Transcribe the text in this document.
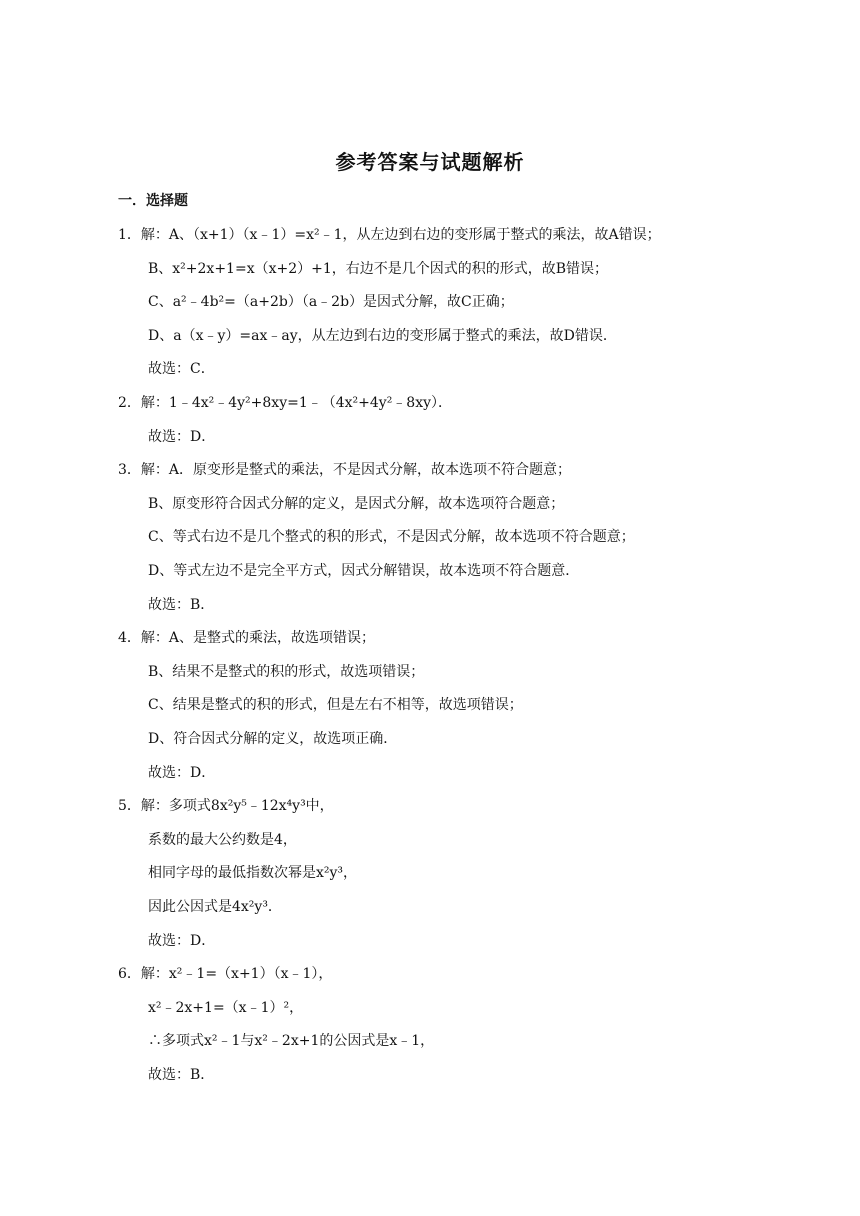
参考答案与试题解析
一．选择题
1．解：A、（x+1）（x﹣1）=x²﹣1，从左边到右边的变形属于整式的乘法，故A错误；
B、x²+2x+1=x（x+2）+1，右边不是几个因式的积的形式，故B错误；
C、a²﹣4b²=（a+2b）（a﹣2b）是因式分解，故C正确；
D、a（x﹣y）=ax﹣ay，从左边到右边的变形属于整式的乘法，故D错误．
故选：C．
2．解：1﹣4x²﹣4y²+8xy=1﹣（4x²+4y²﹣8xy）．
故选：D．
3．解：A．原变形是整式的乘法，不是因式分解，故本选项不符合题意；
B、原变形符合因式分解的定义，是因式分解，故本选项符合题意；
C、等式右边不是几个整式的积的形式，不是因式分解，故本选项不符合题意；
D、等式左边不是完全平方式，因式分解错误，故本选项不符合题意．
故选：B．
4．解：A、是整式的乘法，故选项错误；
B、结果不是整式的积的形式，故选项错误；
C、结果是整式的积的形式，但是左右不相等，故选项错误；
D、符合因式分解的定义，故选项正确．
故选：D．
5．解：多项式8x²y⁵﹣12x⁴y³中，
系数的最大公约数是4，
相同字母的最低指数次幂是x²y³，
因此公因式是4x²y³．
故选：D．
6．解：x²﹣1=（x+1）（x﹣1），
x²﹣2x+1=（x﹣1）²，
∴多项式x²﹣1与x²﹣2x+1的公因式是x﹣1，
故选：B．
